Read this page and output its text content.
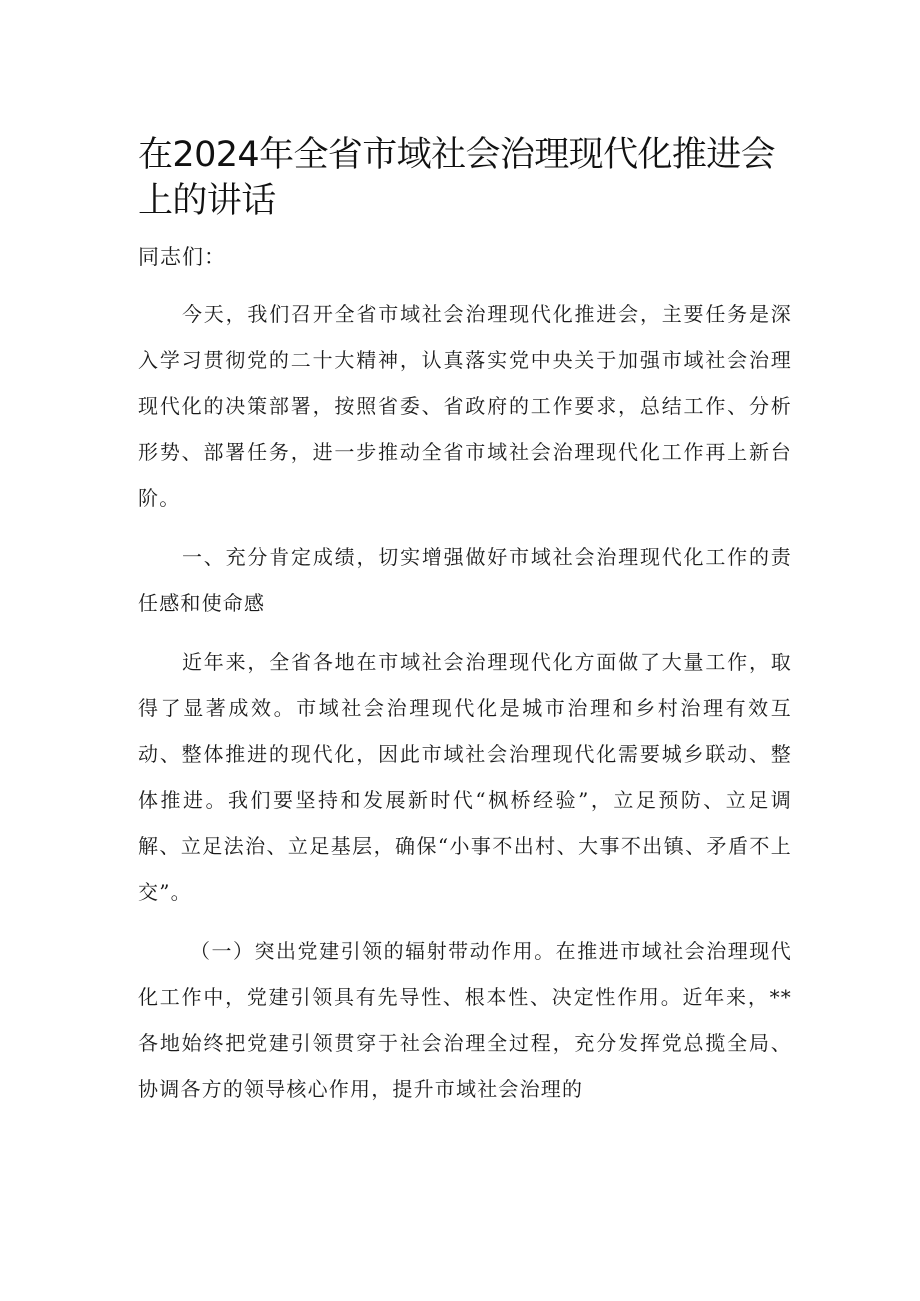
在2024年全省市域社会治理现代化推进会上的讲话

同志们：

今天，我们召开全省市域社会治理现代化推进会，主要任务是深入学习贯彻党的二十大精神，认真落实党中央关于加强市域社会治理现代化的决策部署，按照省委、省政府的工作要求，总结工作、分析形势、部署任务，进一步推动全省市域社会治理现代化工作再上新台阶。

一、充分肯定成绩，切实增强做好市域社会治理现代化工作的责任感和使命感

近年来，全省各地在市域社会治理现代化方面做了大量工作，取得了显著成效。市域社会治理现代化是城市治理和乡村治理有效互动、整体推进的现代化，因此市域社会治理现代化需要城乡联动、整体推进。我们要坚持和发展新时代“枫桥经验”，立足预防、立足调解、立足法治、立足基层，确保“小事不出村、大事不出镇、矛盾不上交”。

（一）突出党建引领的辐射带动作用。在推进市域社会治理现代化工作中，党建引领具有先导性、根本性、决定性作用。近年来，**各地始终把党建引领贯穿于社会治理全过程，充分发挥党总揽全局、协调各方的领导核心作用，提升市域社会治理的
